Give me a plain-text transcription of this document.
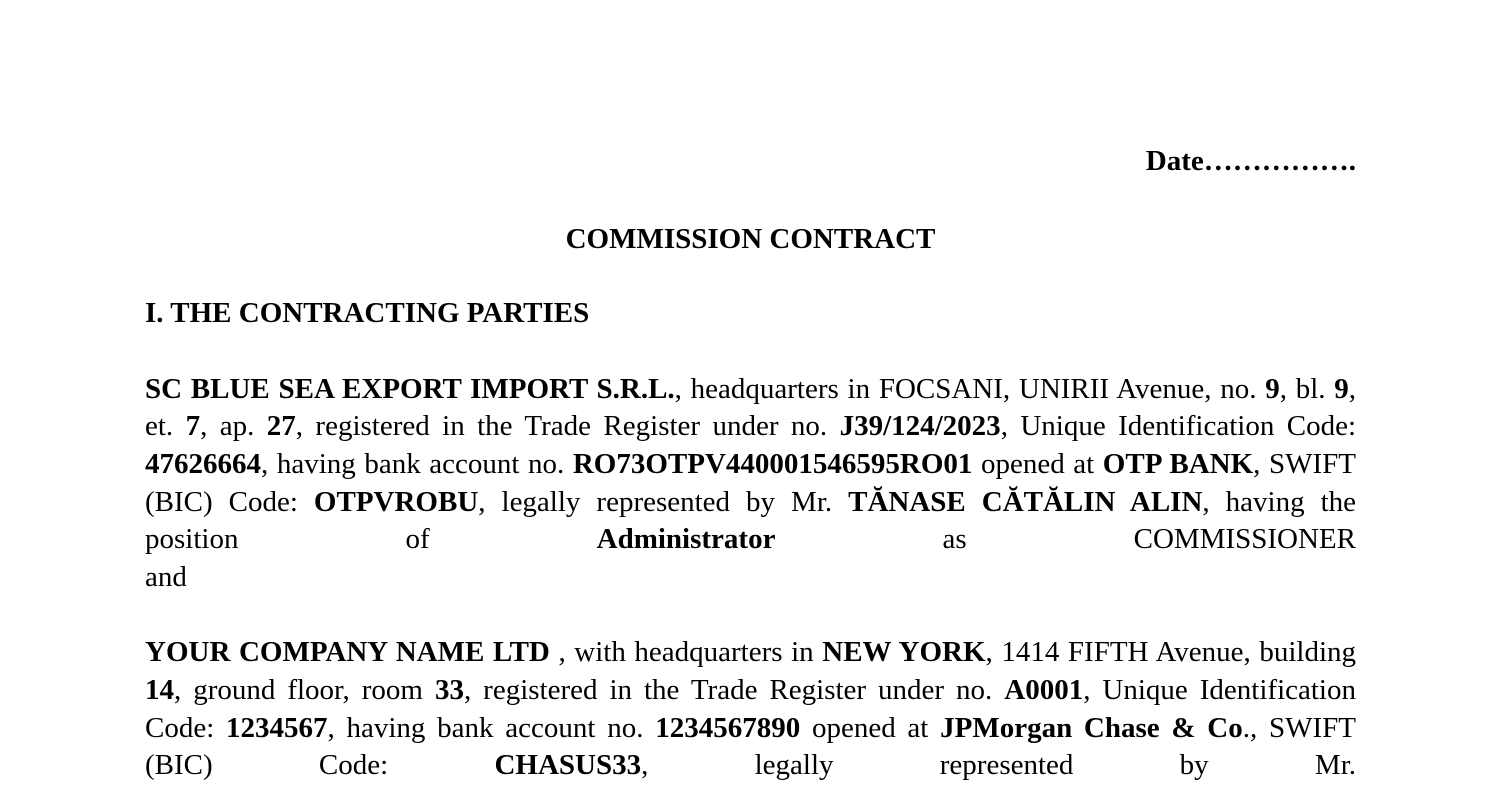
Date…………….
COMMISSION CONTRACT
I. THE CONTRACTING PARTIES

SC BLUE SEA EXPORT IMPORT S.R.L., headquarters in FOCSANI, UNIRII Avenue, no. 9, bl. 9, et. 7, ap. 27, registered in the Trade Register under no. J39/124/2023, Unique Identification Code: 47626664, having bank account no. RO73OTPV440001546595RO01 opened at OTP BANK, SWIFT (BIC) Code: OTPVROBU, legally represented by Mr. TĂNASE CĂTĂLIN ALIN, having the position of Administrator as COMMISSIONER

and

YOUR COMPANY NAME LTD , with headquarters in NEW YORK, 1414 FIFTH Avenue, building 14, ground floor, room 33, registered in the Trade Register under no. A0001, Unique Identification Code: 1234567, having bank account no. 1234567890 opened at JPMorgan Chase & Co., SWIFT (BIC) Code: CHASUS33, legally represented by Mr.
